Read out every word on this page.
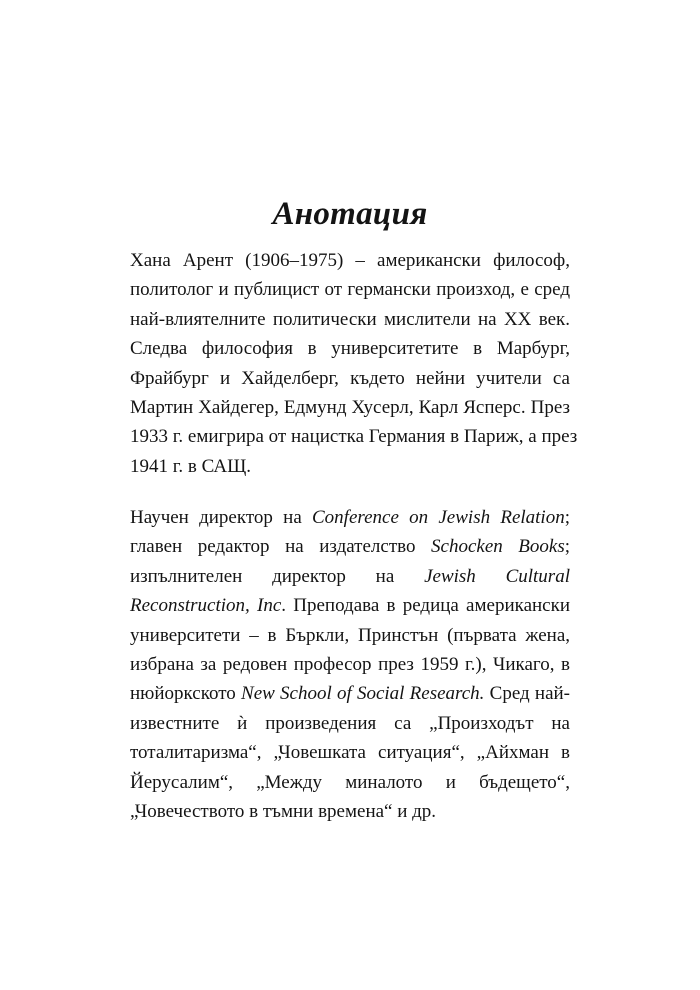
Анотация
Хана Арент (1906–1975) – американски философ,
политолог и публицист от германски произход, е сред
най-влиятелните политически мислители на ХХ век.
Следва философия в университетите в Марбург,
Фрайбург и Хайделберг, където нейни учители са
Мартин Хайдегер, Едмунд Хусерл, Карл Ясперс. През
1933 г. емигрира от нацистка Германия в Париж, а през
1941 г. в САЩ.
Научен директор на Conference on Jewish Relation;
главен редактор на издателство Schocken Books;
изпълнителен директор на Jewish Cultural
Reconstruction, Inc. Преподава в редица американски
университети – в Бъркли, Принстън (първата жена,
избрана за редовен професор през 1959 г.), Чикаго, в
нюйоркското New School of Social Research. Сред най-
известните ѝ произведения са „Произходът на
тоталитаризма“, „Човешката ситуация“, „Айхман в
Йерусалим“, „Между миналото и бъдещето“,
„Човечеството в тъмни времена“ и др.
